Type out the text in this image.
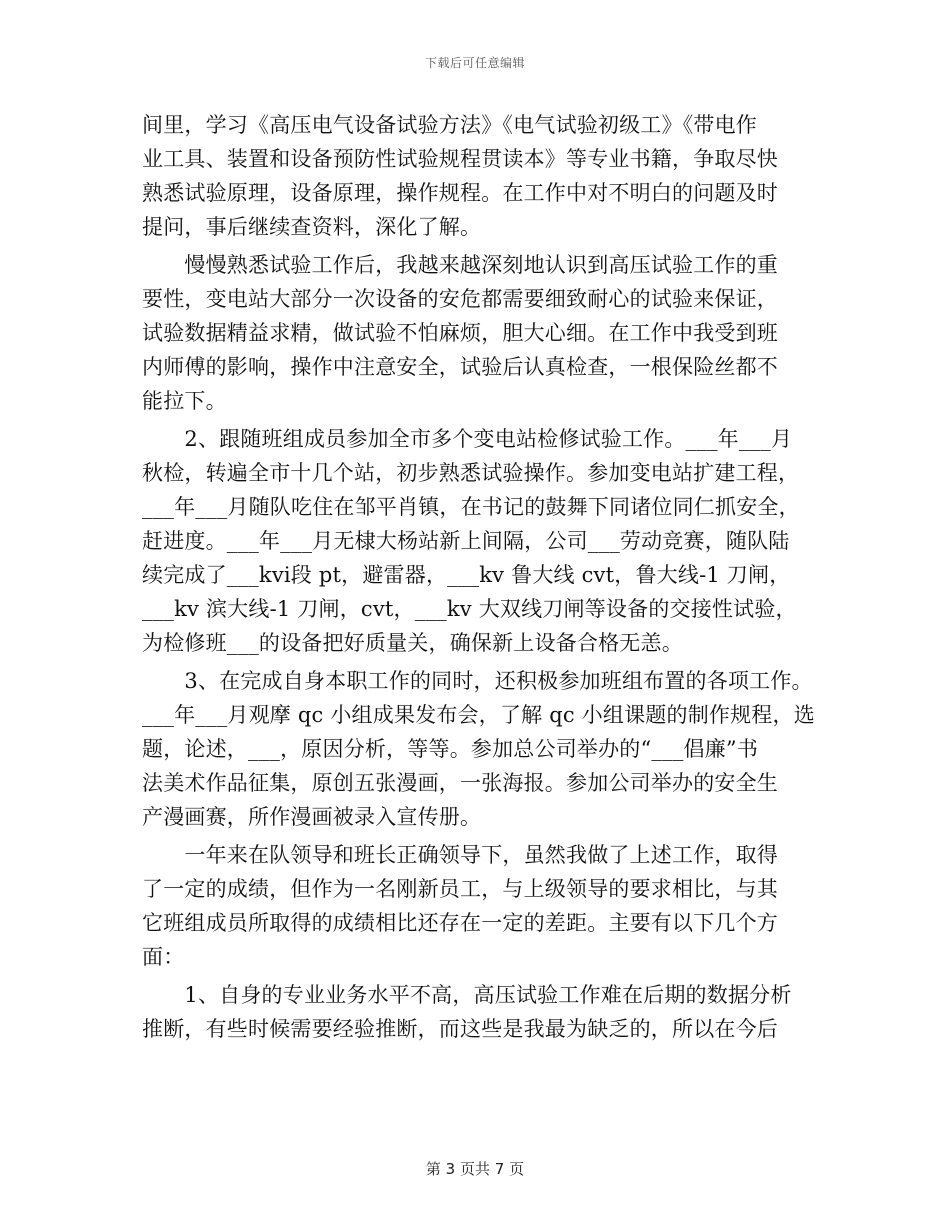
下载后可任意编辑
间里，学习《高压电气设备试验方法》《电气试验初级工》《带电作
业工具、装置和设备预防性试验规程贯读本》等专业书籍，争取尽快
熟悉试验原理，设备原理，操作规程。在工作中对不明白的问题及时
提问，事后继续查资料，深化了解。
　　慢慢熟悉试验工作后，我越来越深刻地认识到高压试验工作的重
要性，变电站大部分一次设备的安危都需要细致耐心的试验来保证，
试验数据精益求精，做试验不怕麻烦，胆大心细。在工作中我受到班
内师傅的影响，操作中注意安全，试验后认真检查，一根保险丝都不
能拉下。
　　2、跟随班组成员参加全市多个变电站检修试验工作。___年___月
秋检，转遍全市十几个站，初步熟悉试验操作。参加变电站扩建工程，
___年___月随队吃住在邹平肖镇，在书记的鼓舞下同诸位同仁抓安全，
赶进度。___年___月无棣大杨站新上间隔，公司___劳动竞赛，随队陆
续完成了___kvⅰ段 pt，避雷器，___kv 鲁大线 cvt，鲁大线-1 刀闸，
___kv 滨大线-1 刀闸，cvt，___kv 大双线刀闸等设备的交接性试验，
为检修班___的设备把好质量关，确保新上设备合格无恙。
　　3、在完成自身本职工作的同时，还积极参加班组布置的各项工作。
___年___月观摩 qc 小组成果发布会，了解 qc 小组课题的制作规程，选
题，论述，___，原因分析，等等。参加总公司举办的“___倡廉”书
法美术作品征集，原创五张漫画，一张海报。参加公司举办的安全生
产漫画赛，所作漫画被录入宣传册。
　　一年来在队领导和班长正确领导下，虽然我做了上述工作，取得
了一定的成绩，但作为一名刚新员工，与上级领导的要求相比，与其
它班组成员所取得的成绩相比还存在一定的差距。主要有以下几个方
面：
　　1、自身的专业业务水平不高，高压试验工作难在后期的数据分析
推断，有些时候需要经验推断，而这些是我最为缺乏的，所以在今后
第 3 页共 7 页
